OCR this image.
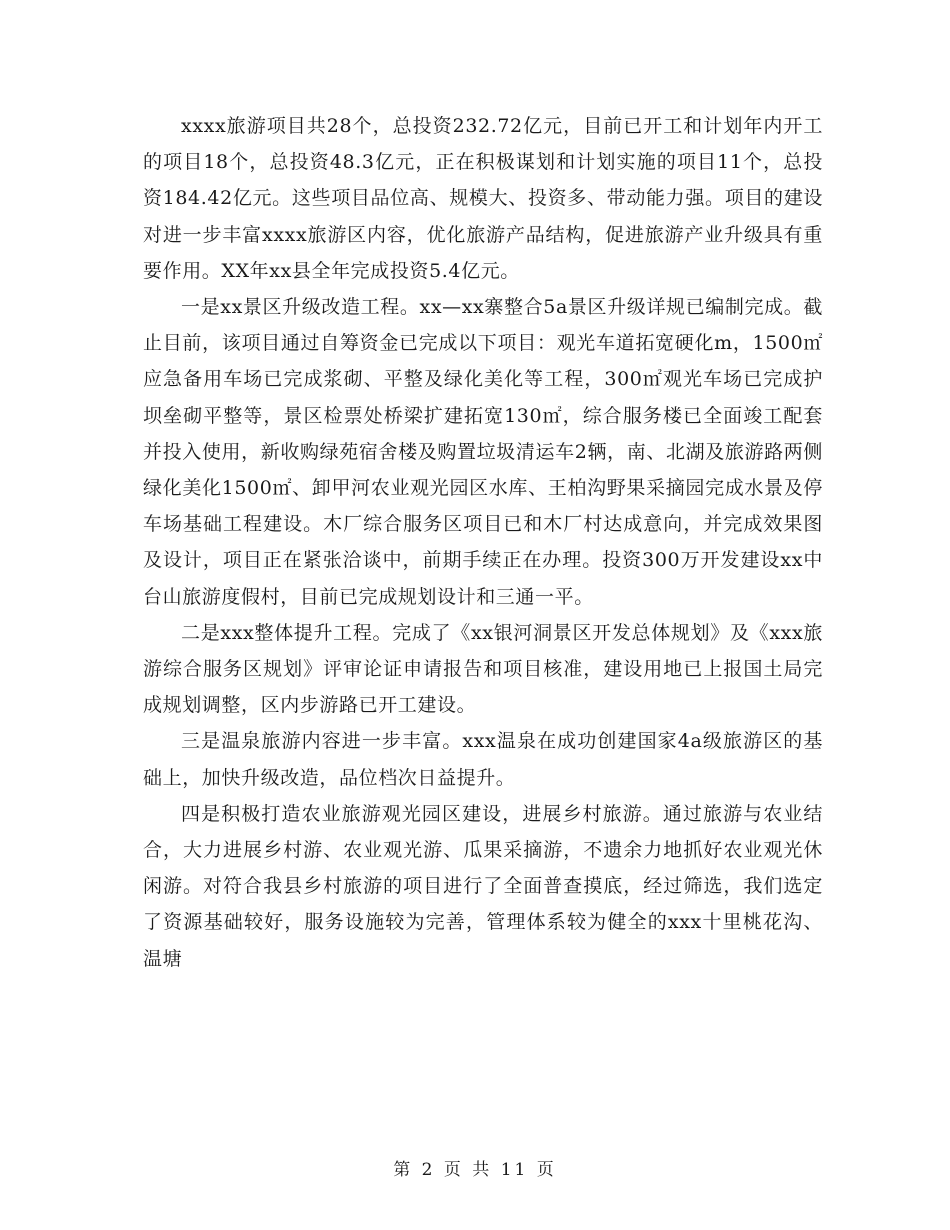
xxxx旅游项目共28个，总投资232.72亿元，目前已开工和计划年内开工的项目18个，总投资48.3亿元，正在积极谋划和计划实施的项目11个，总投资184.42亿元。这些项目品位高、规模大、投资多、带动能力强。项目的建设对进一步丰富xxxx旅游区内容，优化旅游产品结构，促进旅游产业升级具有重要作用。XX年xx县全年完成投资5.4亿元。

一是xx景区升级改造工程。xx—xx寨整合5a景区升级详规已编制完成。截止目前，该项目通过自筹资金已完成以下项目：观光车道拓宽硬化m，1500㎡应急备用车场已完成浆砌、平整及绿化美化等工程，300㎡观光车场已完成护坝垒砌平整等，景区检票处桥梁扩建拓宽130㎡，综合服务楼已全面竣工配套并投入使用，新收购绿苑宿舍楼及购置垃圾清运车2辆，南、北湖及旅游路两侧绿化美化1500㎡、卸甲河农业观光园区水库、王柏沟野果采摘园完成水景及停车场基础工程建设。木厂综合服务区项目已和木厂村达成意向，并完成效果图及设计，项目正在紧张洽谈中，前期手续正在办理。投资300万开发建设xx中台山旅游度假村，目前已完成规划设计和三通一平。

二是xxx整体提升工程。完成了《xx银河洞景区开发总体规划》及《xxx旅游综合服务区规划》评审论证申请报告和项目核准，建设用地已上报国土局完成规划调整，区内步游路已开工建设。

三是温泉旅游内容进一步丰富。xxx温泉在成功创建国家4a级旅游区的基础上，加快升级改造，品位档次日益提升。

四是积极打造农业旅游观光园区建设，进展乡村旅游。通过旅游与农业结合，大力进展乡村游、农业观光游、瓜果采摘游，不遗余力地抓好农业观光休闲游。对符合我县乡村旅游的项目进行了全面普查摸底，经过筛选，我们选定了资源基础较好，服务设施较为完善，管理体系较为健全的xxx十里桃花沟、温塘

第 2 页 共 11 页
